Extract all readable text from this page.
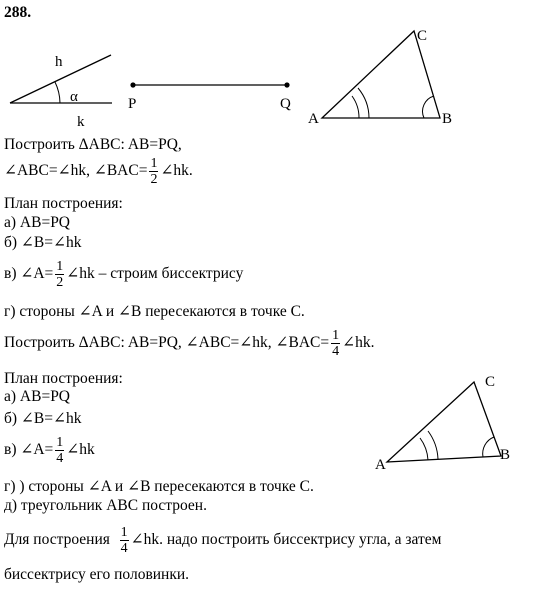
288.
h
α
k
P	Q
A	B
C
Построить ΔABC: AB=PQ,
∠ABC=∠hk, ∠BAC= $\frac{1}{2}$ ∠hk.
План построения:
а) AB=PQ
б) ∠B=∠hk
в) ∠A= $\frac{1}{2}$ ∠hk – строим биссектрису
г) стороны ∠A и ∠B пересекаются в точке C.
Построить ΔABC: AB=PQ, ∠ABC=∠hk, ∠BAC= $\frac{1}{4}$ ∠hk.
План построения:
а) AB=PQ
б) ∠B=∠hk
в) ∠A= $\frac{1}{4}$ ∠hk
г) ) стороны ∠A и ∠B пересекаются в точке C.
д) треугольник ABC построен.
A
B
C
Для построения $\frac{1}{4}$ ∠hk. надо построить биссектрису угла, а затем
биссектрису его половинки.
